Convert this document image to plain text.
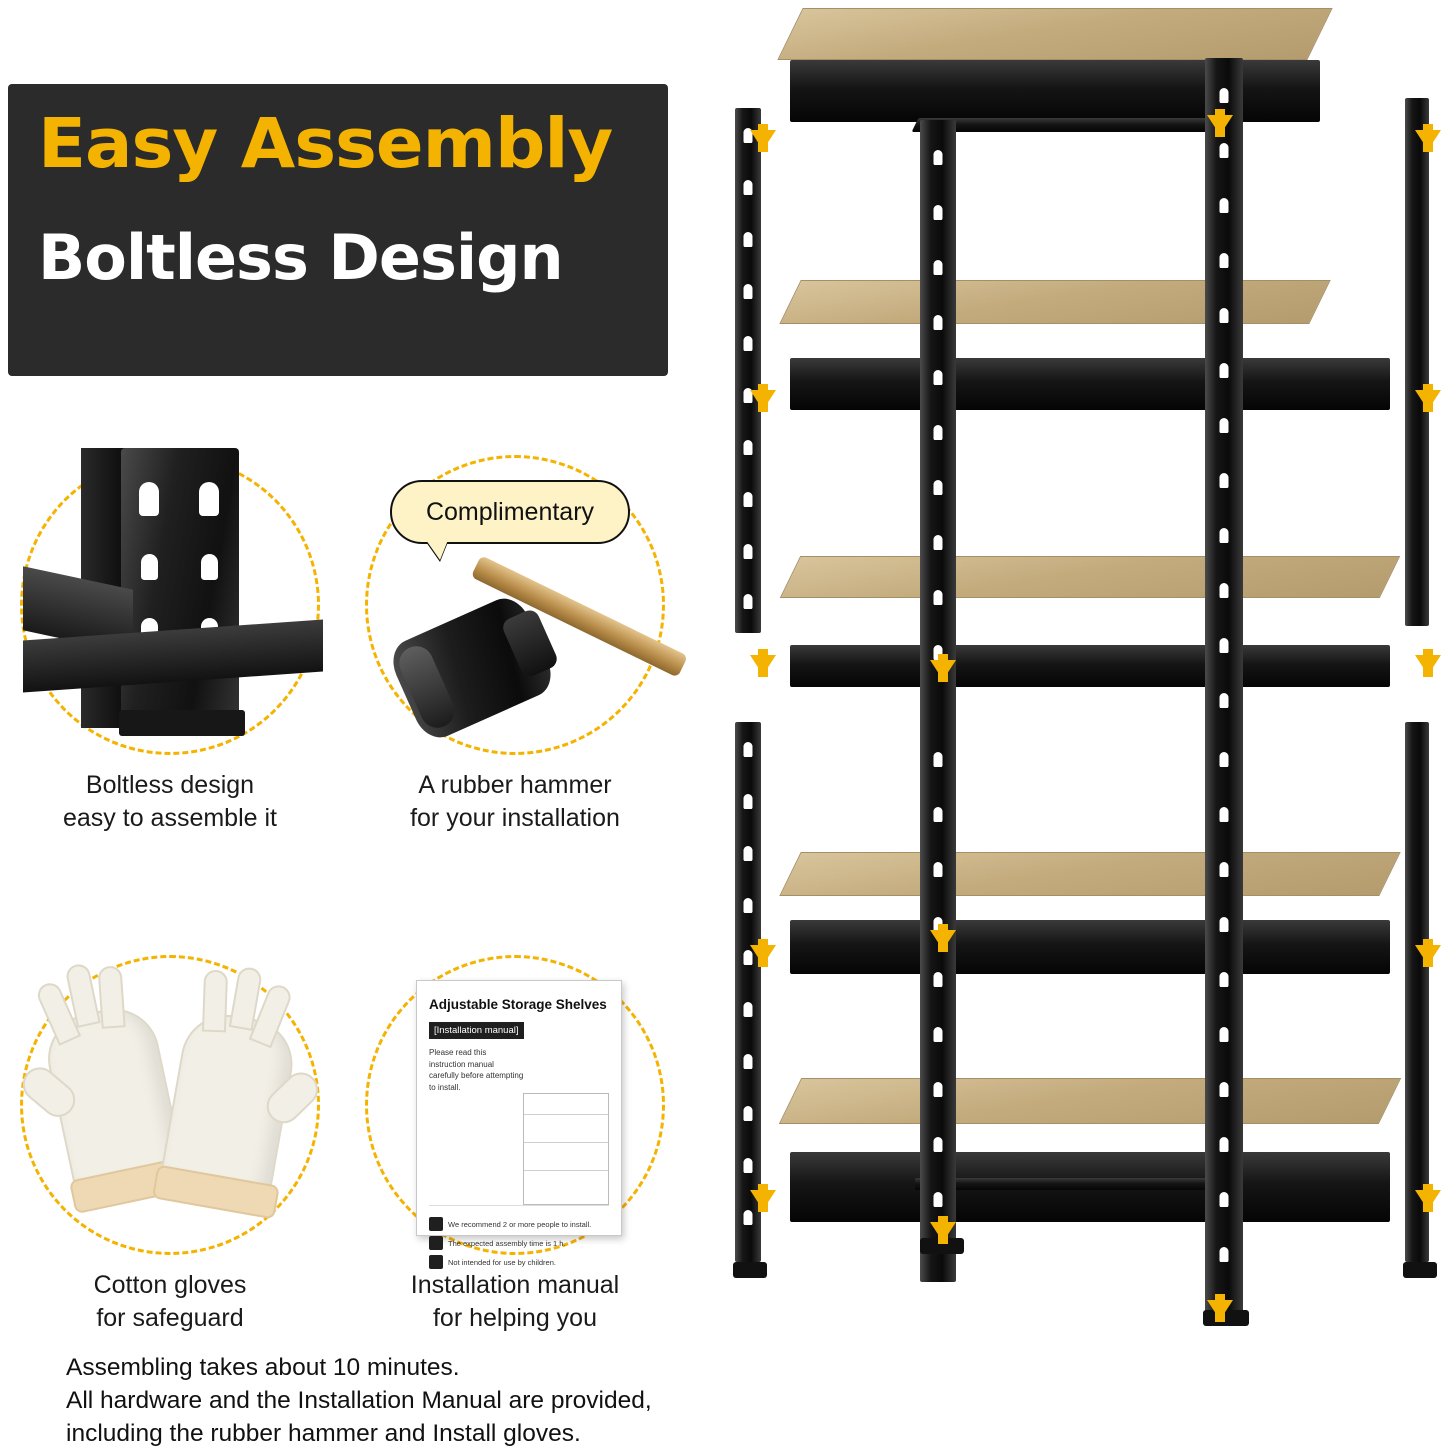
Easy Assembly
Boltless Design
Boltless design
easy to assemble it
Complimentary
A rubber hammer
for your installation
Cotton gloves
for safeguard
Adjustable Storage Shelves
[Installation manual]
Please read this instruction manual carefully before attempting to install.
We recommend 2 or more people to install.
The expected assembly time is 1 h.
Not intended for use by children.
Installation manual
for helping you
Assembling takes about 10 minutes.
All hardware and the Installation Manual are provided,
including the rubber hammer and Install gloves.
